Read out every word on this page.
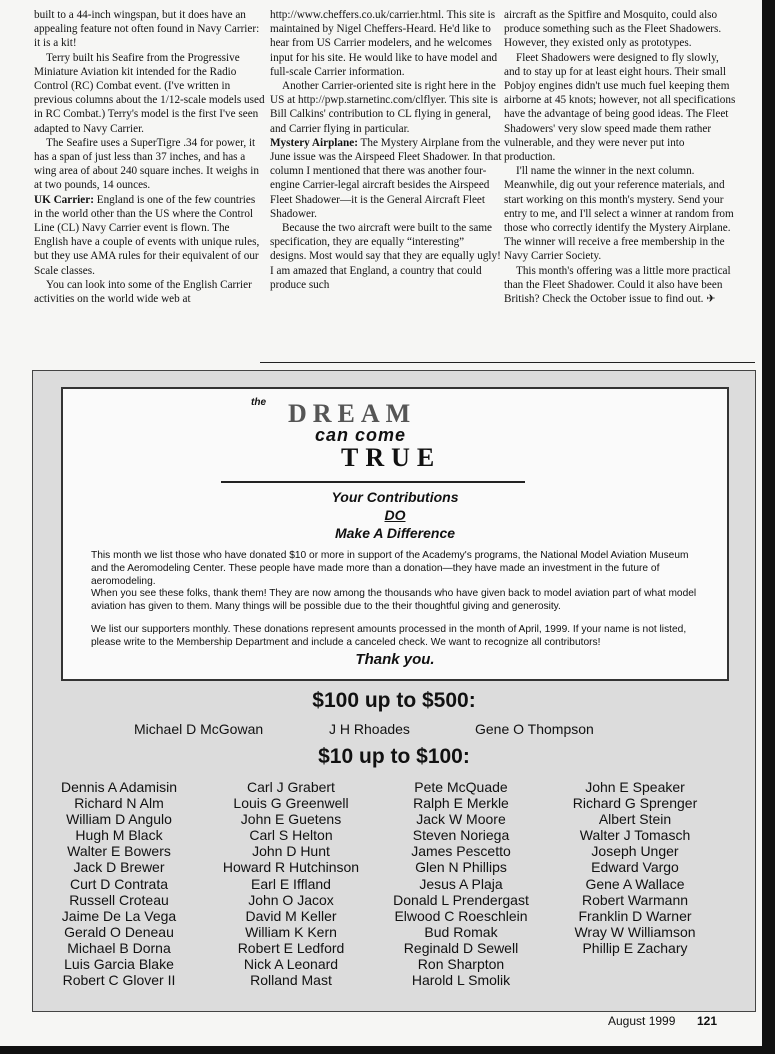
built to a 44-inch wingspan, but it does have an appealing feature not often found in Navy Carrier: it is a kit!

Terry built his Seafire from the Progressive Miniature Aviation kit intended for the Radio Control (RC) Combat event. (I've written in previous columns about the 1/12-scale models used in RC Combat.) Terry's model is the first I've seen adapted to Navy Carrier.

The Seafire uses a SuperTigre .34 for power, it has a span of just less than 37 inches, and has a wing area of about 240 square inches. It weighs in at two pounds, 14 ounces.

UK Carrier: England is one of the few countries in the world other than the US where the Control Line (CL) Navy Carrier event is flown. The English have a couple of events with unique rules, but they use AMA rules for their equivalent of our Scale classes.

You can look into some of the English Carrier activities on the world wide web at

http://www.cheffers.co.uk/carrier.html. This site is maintained by Nigel Cheffers-Heard. He'd like to hear from US Carrier modelers, and he welcomes input for his site. He would like to have model and full-scale Carrier information.

Another Carrier-oriented site is right here in the US at http://pwp.starnetinc.com/clflyer. This site is Bill Calkins' contribution to CL flying in general, and Carrier flying in particular.

Mystery Airplane: The Mystery Airplane from the June issue was the Airspeed Fleet Shadower. In that column I mentioned that there was another four-engine Carrier-legal aircraft besides the Airspeed Fleet Shadower—it is the General Aircraft Fleet Shadower.

Because the two aircraft were built to the same specification, they are equally “interesting” designs. Most would say that they are equally ugly! I am amazed that England, a country that could produce such

aircraft as the Spitfire and Mosquito, could also produce something such as the Fleet Shadowers. However, they existed only as prototypes.

Fleet Shadowers were designed to fly slowly, and to stay up for at least eight hours. Their small Pobjoy engines didn't use much fuel keeping them airborne at 45 knots; however, not all specifications have the advantage of being good ideas. The Fleet Shadowers' very slow speed made them rather vulnerable, and they were never put into production.

I'll name the winner in the next column. Meanwhile, dig out your reference materials, and start working on this month's mystery. Send your entry to me, and I'll select a winner at random from those who correctly identify the Mystery Airplane. The winner will receive a free membership in the Navy Carrier Society.

This month's offering was a little more practical than the Fleet Shadower. Could it also have been British? Check the October issue to find out. ✈

the DREAM
can come
TRUE
Your Contributions
DO
Make A Difference
This month we list those who have donated $10 or more in support of the Academy's programs, the National Model Aviation Museum and the Aeromodeling Center. These people have made more than a donation—they have made an investment in the future of aeromodeling.
When you see these folks, thank them! They are now among the thousands who have given back to model aviation part of what model aviation has given to them. Many things will be possible due to the their thoughtful giving and generosity.
We list our supporters monthly. These donations represent amounts processed in the month of April, 1999. If your name is not listed, please write to the Membership Department and include a canceled check. We want to recognize all contributors!
Thank you.
$100 up to $500:
Michael D McGowan	J H Rhoades	Gene O Thompson
$10 up to $100:
Dennis A Adamisin
Richard N Alm
William D Angulo
Hugh M Black
Walter E Bowers
Jack D Brewer
Curt D Contrata
Russell Croteau
Jaime De La Vega
Gerald O Deneau
Michael B Dorna
Luis Garcia Blake
Robert C Glover II
Carl J Grabert
Louis G Greenwell
John E Guetens
Carl S Helton
John D Hunt
Howard R Hutchinson
Earl E Iffland
John O Jacox
David M Keller
William K Kern
Robert E Ledford
Nick A Leonard
Rolland Mast
Pete McQuade
Ralph E Merkle
Jack W Moore
Steven Noriega
James Pescetto
Glen N Phillips
Jesus A Plaja
Donald L Prendergast
Elwood C Roeschlein
Bud Romak
Reginald D Sewell
Ron Sharpton
Harold L Smolik
John E Speaker
Richard G Sprenger
Albert Stein
Walter J Tomasch
Joseph Unger
Edward Vargo
Gene A Wallace
Robert Warmann
Franklin D Warner
Wray W Williamson
Phillip E Zachary
August 1999 121
